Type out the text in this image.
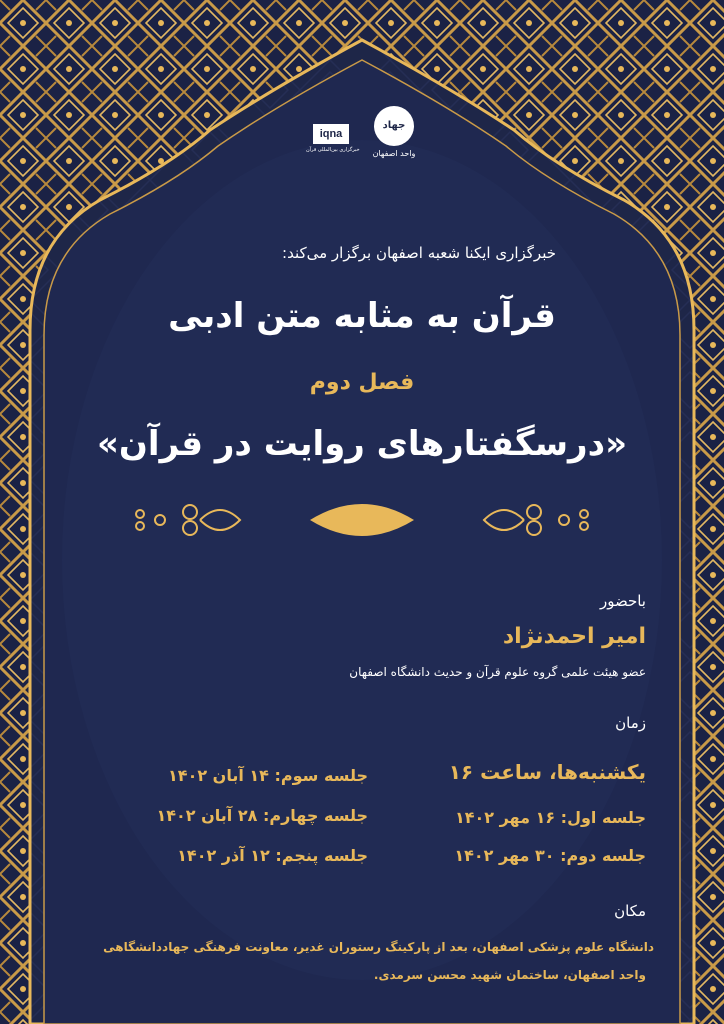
جهاد
واحد اصفهان
iqna
خبرگزاری بین‌المللی قرآن

خبرگزاری ایکنا شعبه اصفهان برگزار می‌کند:

قرآن به مثابه متن ادبی

فصل دوم

«درسگفتارهای روایت در قرآن»

باحضور

امیر احمدنژاد

عضو هیئت علمی گروه علوم قرآن و حدیث دانشگاه اصفهان

زمان

یکشنبه‌ها، ساعت ۱۶

جلسه اول: ۱۶ مهر ۱۴۰۲

جلسه دوم: ۳۰ مهر ۱۴۰۲

جلسه سوم: ۱۴ آبان ۱۴۰۲

جلسه چهارم: ۲۸ آبان ۱۴۰۲

جلسه پنجم: ۱۲ آذر ۱۴۰۲

مکان

دانشگاه علوم پزشکی اصفهان، بعد از پارکینگ رستوران غدیر، معاونت فرهنگی جهاددانشگاهی

واحد اصفهان، ساختمان شهید محسن سرمدی.
